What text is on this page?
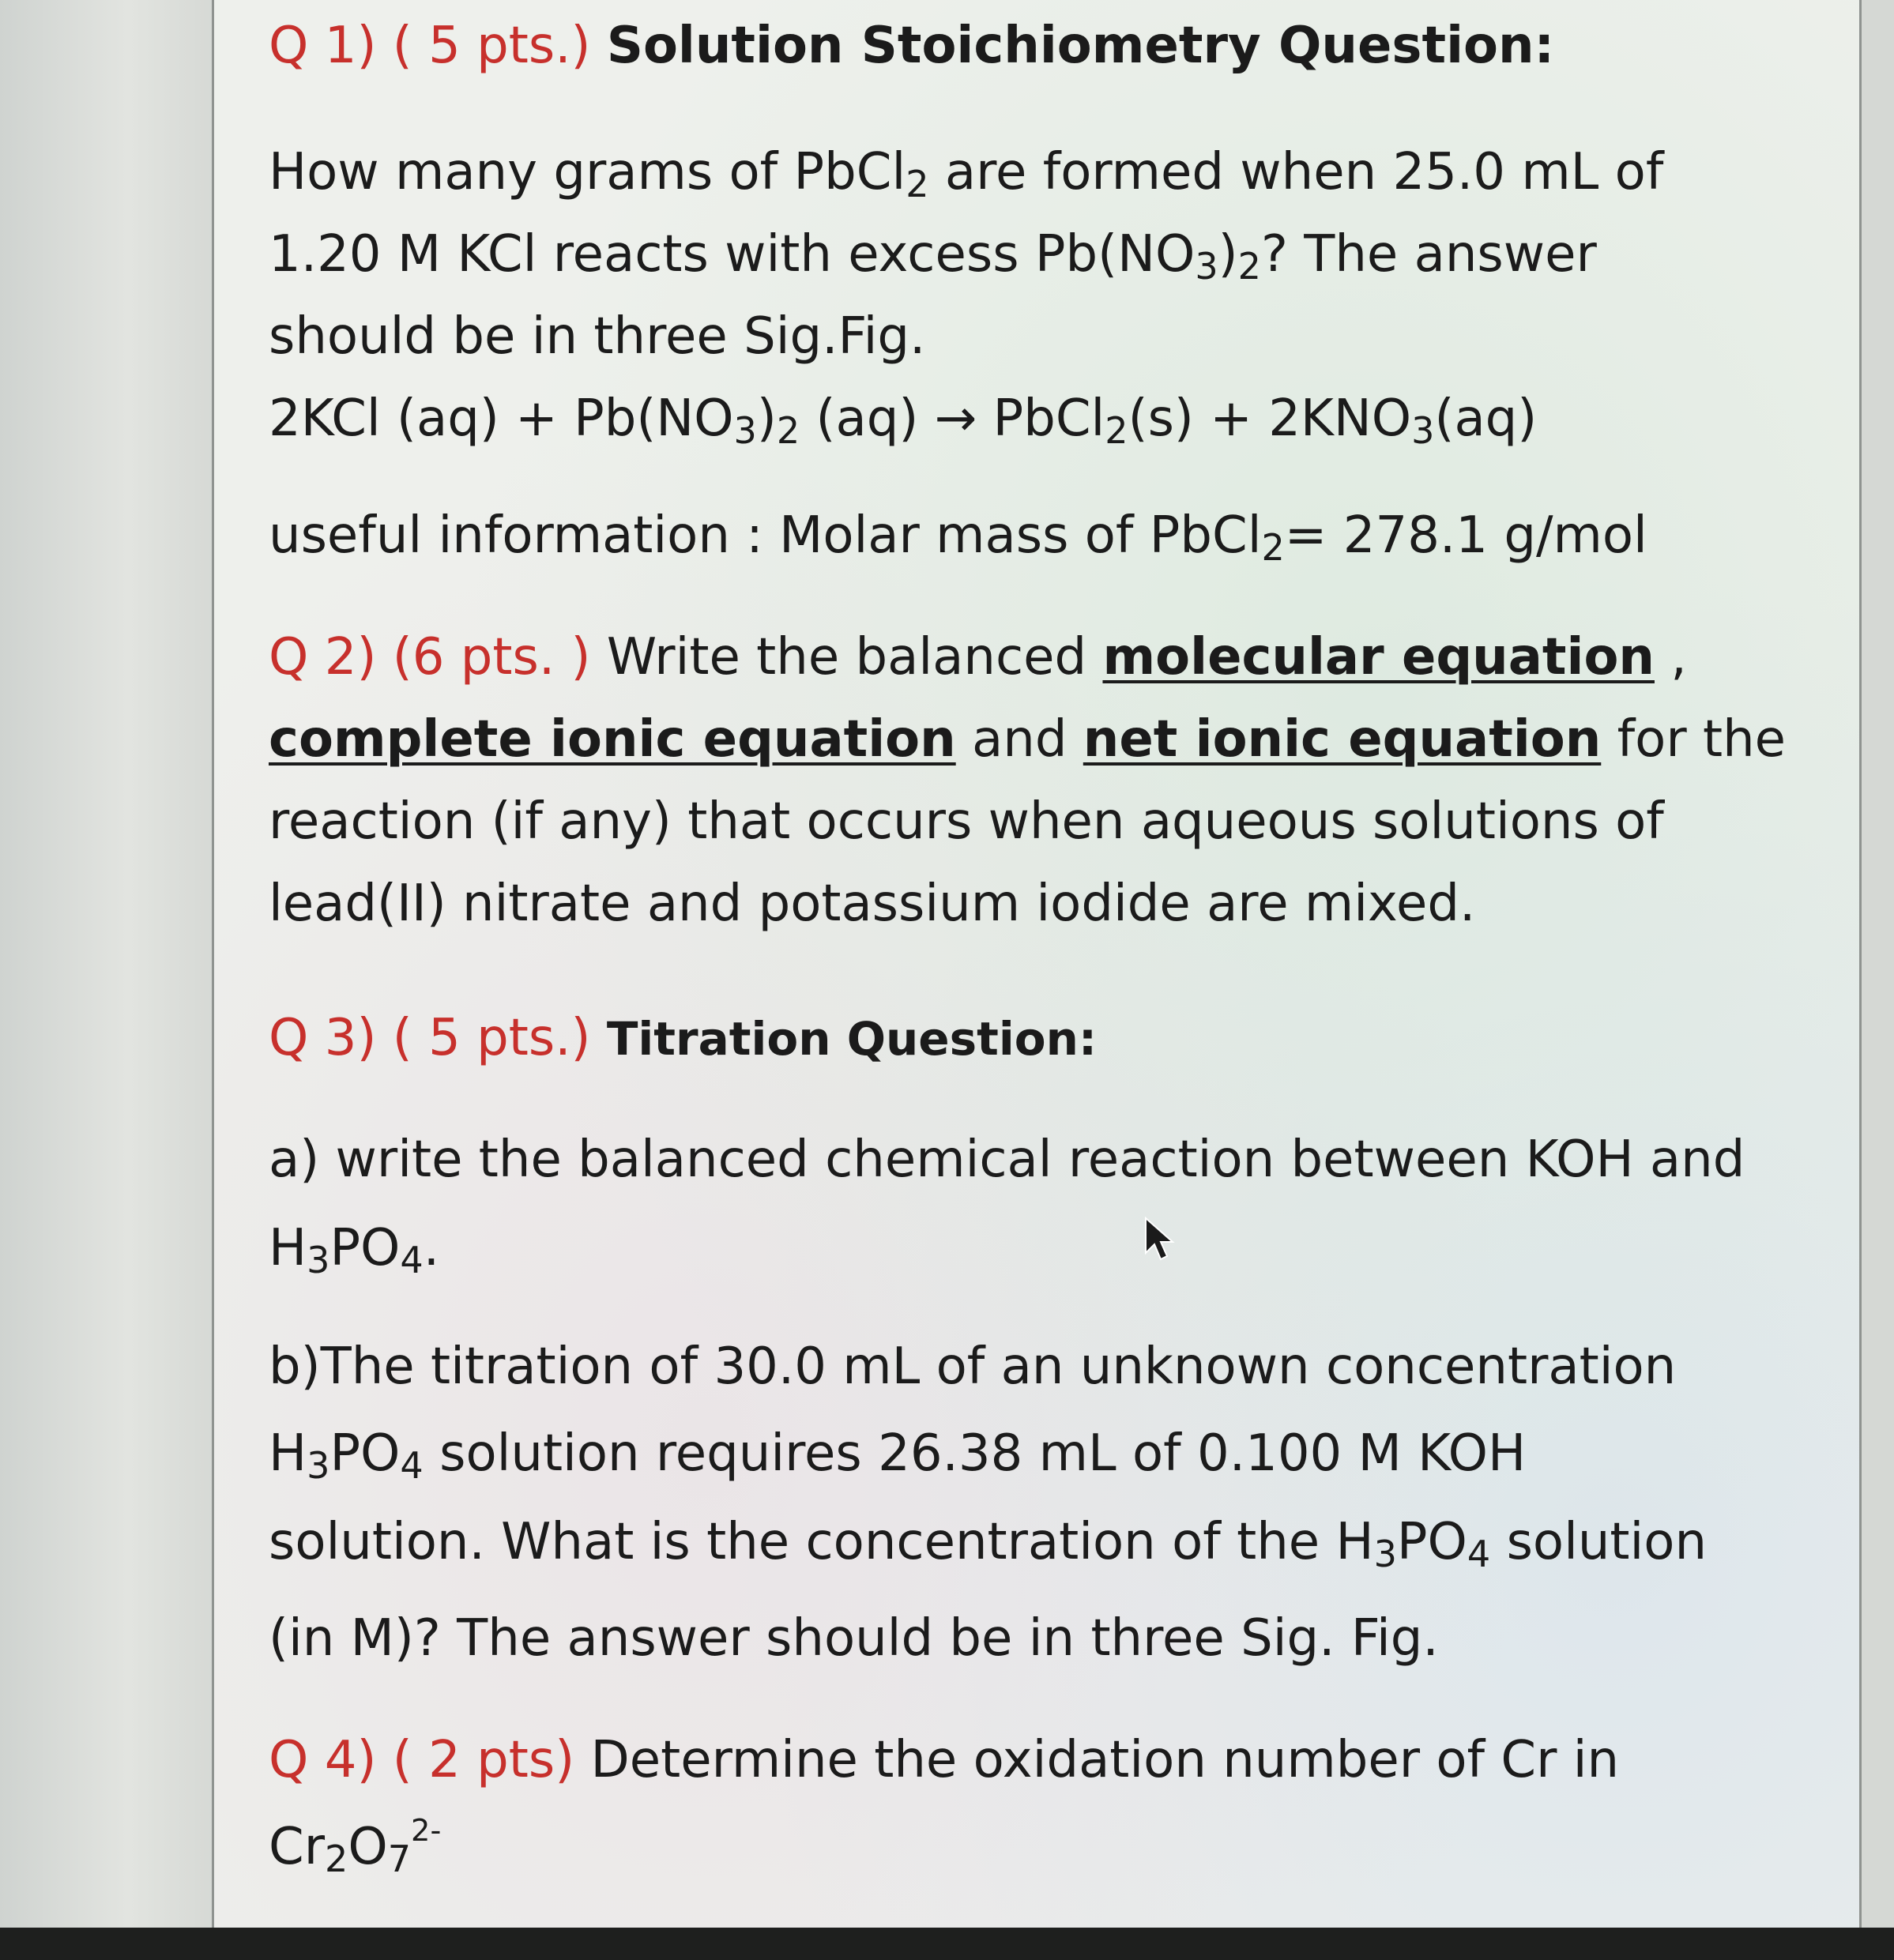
Q 1) ( 5 pts.) Solution Stoichiometry Question:
How many grams of PbCl$_2$ are formed when 25.0 mL of
1.20 M KCl reacts with excess $Pb(NO_3)_2$? The answer
should be in three Sig.Fig.
2KCl $(aq) + Pb(NO_3)_2$ (aq) → PbCl$_2$(s) + $2KNO_3(aq)$
useful information : Molar mass of PbCl$_2$= 278.1 g/mol
Q 2) (6 pts. ) Write the balanced molecular equation ,
complete ionic equation and net ionic equation for the
reaction (if any) that occurs when aqueous solutions of
lead(II) nitrate and potassium iodide are mixed.
Q 3) ( 5 pts.) Titration Question:
a) write the balanced chemical reaction between KOH and
$H_3PO_4$.
b)The titration of 30.0 mL of an unknown concentration
$H_3PO_4$ solution requires 26.38 mL of 0.100 M KOH
solution. What is the concentration of the $H_3PO_4$ solution
(in M)? The answer should be in three Sig. Fig.
Q 4) ( 2 pts) Determine the oxidation number of Cr in
$Cr_2O_7^{2-}$
